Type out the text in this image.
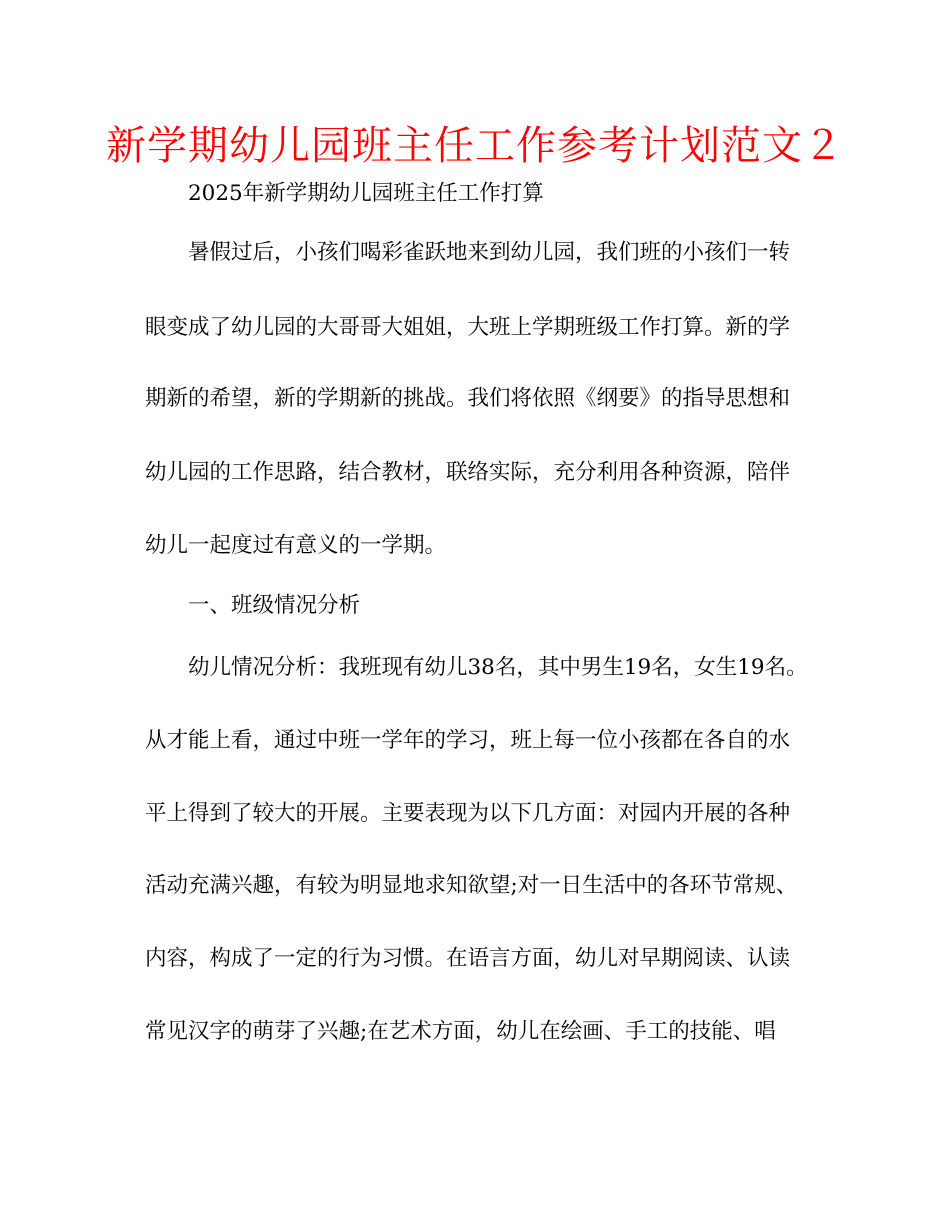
新学期幼儿园班主任工作参考计划范文２
2025年新学期幼儿园班主任工作打算
暑假过后，小孩们喝彩雀跃地来到幼儿园，我们班的小孩们一转
眼变成了幼儿园的大哥哥大姐姐，大班上学期班级工作打算。新的学
期新的希望，新的学期新的挑战。我们将依照《纲要》的指导思想和
幼儿园的工作思路，结合教材，联络实际，充分利用各种资源，陪伴
幼儿一起度过有意义的一学期。
一、班级情况分析
幼儿情况分析：我班现有幼儿38名，其中男生19名，女生19名。
从才能上看，通过中班一学年的学习，班上每一位小孩都在各自的水
平上得到了较大的开展。主要表现为以下几方面：对园内开展的各种
活动充满兴趣，有较为明显地求知欲望;对一日生活中的各环节常规、
内容，构成了一定的行为习惯。在语言方面，幼儿对早期阅读、认读
常见汉字的萌芽了兴趣;在艺术方面，幼儿在绘画、手工的技能、唱
